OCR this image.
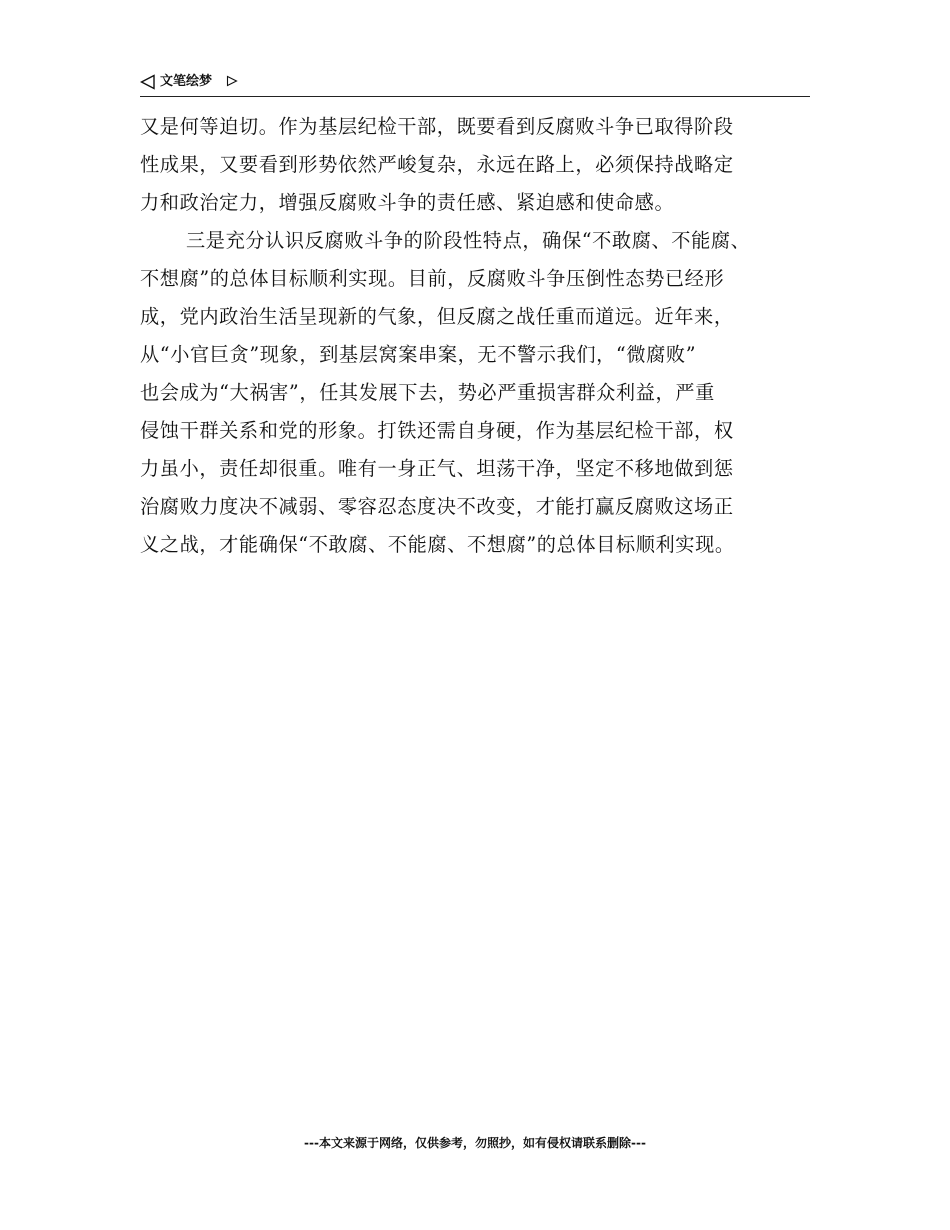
文笔绘梦
又是何等迫切。作为基层纪检干部，既要看到反腐败斗争已取得阶段
性成果，又要看到形势依然严峻复杂，永远在路上，必须保持战略定
力和政治定力，增强反腐败斗争的责任感、紧迫感和使命感。
三是充分认识反腐败斗争的阶段性特点，确保“不敢腐、不能腐、
不想腐”的总体目标顺利实现。目前，反腐败斗争压倒性态势已经形
成，党内政治生活呈现新的气象，但反腐之战任重而道远。近年来，
从“小官巨贪”现象，到基层窝案串案，无不警示我们，“微腐败”
也会成为“大祸害”，任其发展下去，势必严重损害群众利益，严重
侵蚀干群关系和党的形象。打铁还需自身硬，作为基层纪检干部，权
力虽小，责任却很重。唯有一身正气、坦荡干净，坚定不移地做到惩
治腐败力度决不减弱、零容忍态度决不改变，才能打赢反腐败这场正
义之战，才能确保“不敢腐、不能腐、不想腐”的总体目标顺利实现。
---本文来源于网络，仅供参考，勿照抄，如有侵权请联系删除---
